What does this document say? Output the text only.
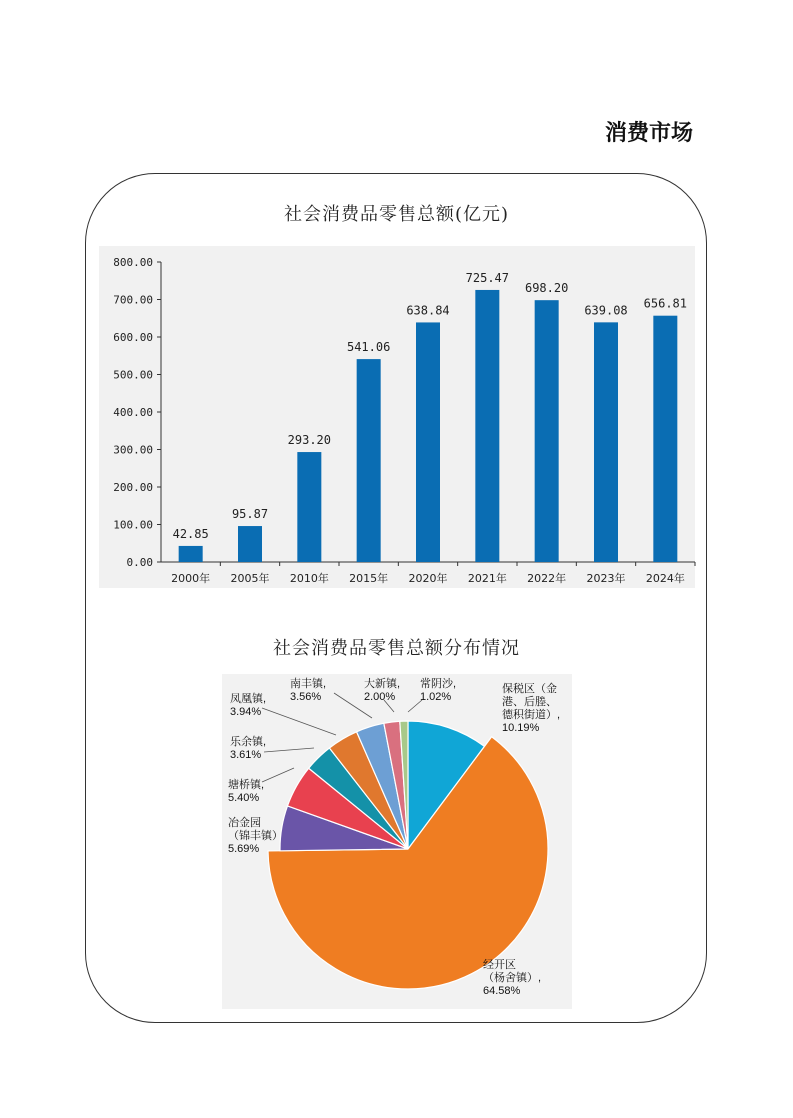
消费市场
社会消费品零售总额(亿元)
社会消费品零售总额分布情况
0.00
100.00
200.00
300.00
400.00
500.00
600.00
700.00
800.00
42.85
2000年
95.87
2005年
293.20
2010年
541.06
2015年
638.84
2020年
725.47
2021年
698.20
2022年
639.08
2023年
656.81
2024年
保税区（金
港、后塍、
德积街道）,
10.19%
经开区
（杨舍镇）,
64.58%
冶金园
（锦丰镇）
5.69%
塘桥镇,
5.40%
乐余镇,
3.61%
凤凰镇,
3.94%
南丰镇,
3.56%
大新镇,
2.00%
常阴沙,
1.02%
